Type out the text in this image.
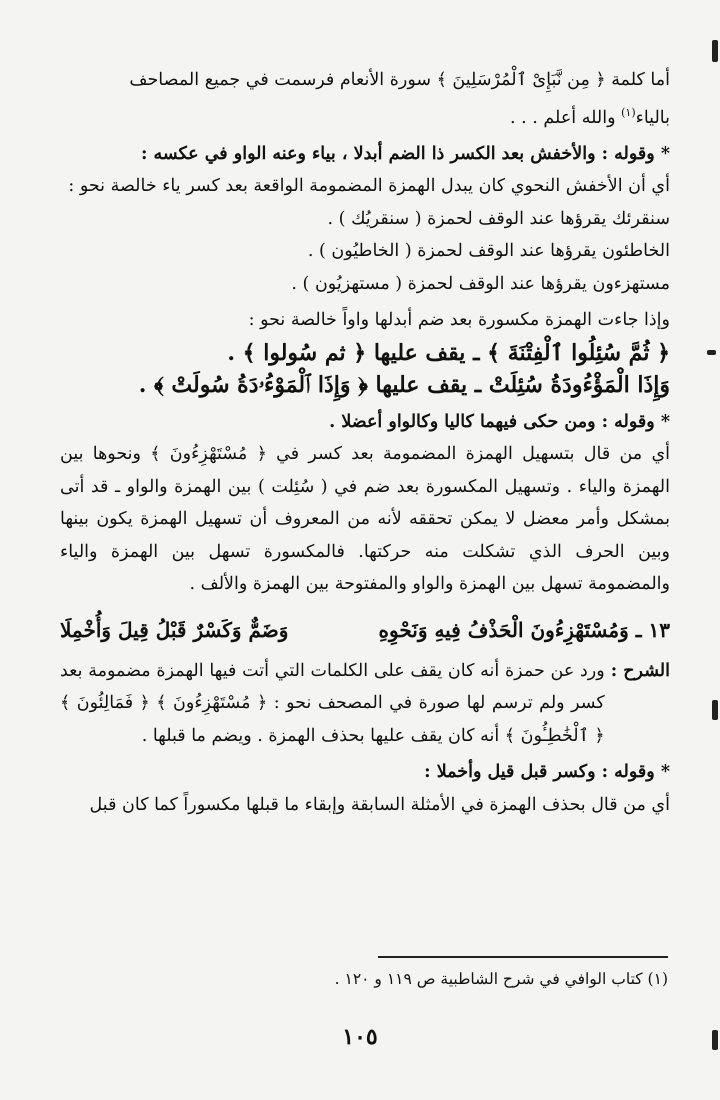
أما كلمة ﴿ مِن نَّبَإِىْ ٱلْمُرْسَلِينَ ﴾ سورة الأنعام فرسمت في جميع المصاحف

بالياء$^{(١)}$ والله أعلم . . .

* وقوله : والأخفش بعد الكسر ذا الضم أبدلا ، بياء وعنه الواو في عكسه :

أي أن الأخفش النحوي كان يبدل الهمزة المضمومة الواقعة بعد كسر ياء خالصة نحو :

سنقرئك يقرؤها عند الوقف لحمزة ( سنقريُك ) .

الخاطئون يقرؤها عند الوقف لحمزة ( الخاطيُون ) .

مستهزءون يقرؤها عند الوقف لحمزة ( مستهزيُون ) .

وإذا جاءت الهمزة مكسورة بعد ضم أبدلها واواً خالصة نحو :

﴿ ثُمَّ سُئِلُوا ٱلْفِتْنَةَ ﴾ ـ يقف عليها ﴿ ثم سُولوا ﴾ .

وَإِذَا الْمَؤْءُودَةُ سُئِلَتْ ـ يقف عليها ﴿ وَإِذَا ٱلْمَوْءُۥدَةُ سُولَتْ ﴾ .

* وقوله : ومن حكى فيهما كاليا وكالواو أعضلا .

أي من قال بتسهيل الهمزة المضمومة بعد كسر في ﴿ مُسْتَهْزِءُونَ ﴾ ونحوها بين الهمزة والياء . وتسهيل المكسورة بعد ضم في ( سُئِلت ) بين الهمزة والواو ـ قد أتى بمشكل وأمر معضل لا يمكن تحققه لأنه من المعروف أن تسهيل الهمزة يكون بينها وبين الحرف الذي تشكلت منه حركتها. فالمكسورة تسهل بين الهمزة والياء والمضمومة تسهل بين الهمزة والواو والمفتوحة بين الهمزة والألف .

١٣ ـ وَمُسْتَهْزِءُونَ الْحَذْفُ فِيهِ وَنَحْوِهِ
وَضَمٌّ وَكَسْرٌ قَبْلُ قِيلَ وَأُخْمِلَا
الشرح :
ورد عن حمزة أنه كان يقف على الكلمات التي أتت فيها الهمزة مضمومة بعد كسر ولم ترسم لها صورة في المصحف نحو : ﴿ مُسْتَهْزِءُونَ ﴾ ﴿ فَمَالِئُونَ ﴾ ﴿ ٱلْخَٰطِـُٔونَ ﴾ أنه كان يقف عليها بحذف الهمزة . ويضم ما قبلها .

* وقوله : وكسر قبل قيل وأخملا :

أي من قال بحذف الهمزة في الأمثلة السابقة وإبقاء ما قبلها مكسوراً كما كان قبل

(١) كتاب الوافي في شرح الشاطبية ص ١١٩ و ١٢٠ .
١٠٥
